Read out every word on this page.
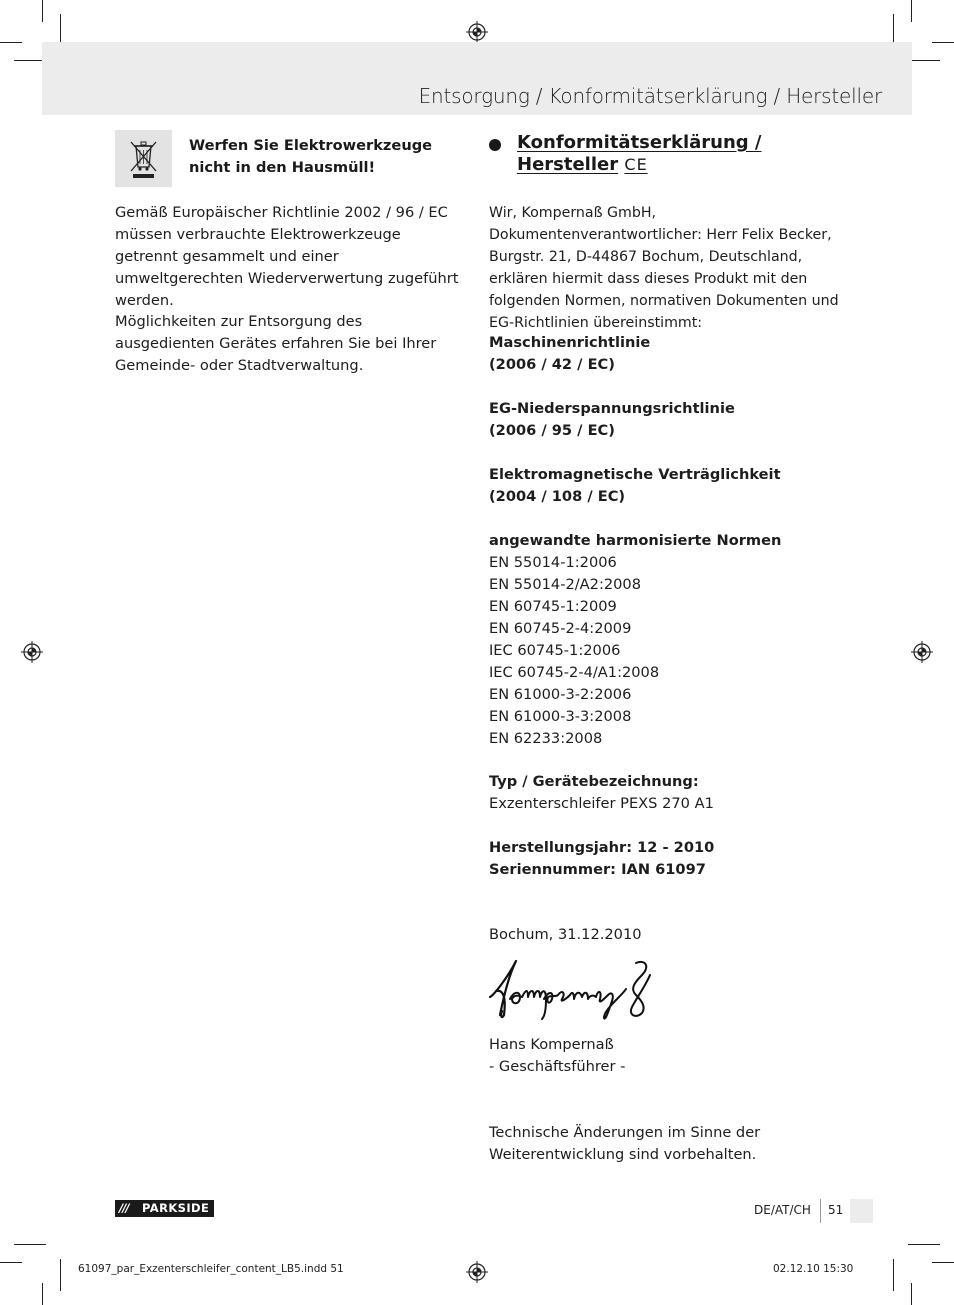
Entsorgung / Konformitätserklärung / Hersteller
Werfen Sie Elektrowerkzeuge nicht in den Hausmüll!
Gemäß Europäischer Richtlinie 2002 / 96 / EC müssen verbrauchte Elektrowerkzeuge getrennt gesammelt und einer umweltgerechten Wiederverwertung zugeführt werden.
Möglichkeiten zur Entsorgung des ausgedienten Gerätes erfahren Sie bei Ihrer Gemeinde- oder Stadtverwaltung.
Konformitätserklärung /
Hersteller CE
Wir, Kompernaß GmbH, Dokumentenverantwortlicher: Herr Felix Becker, Burgstr. 21, D-44867 Bochum, Deutschland, erklären hiermit dass dieses Produkt mit den folgenden Normen, normativen Dokumenten und EG-Richtlinien übereinstimmt:
Maschinenrichtlinie
(2006 / 42 / EC)
EG-Niederspannungsrichtlinie
(2006 / 95 / EC)
Elektromagnetische Verträglichkeit
(2004 / 108 / EC)
angewandte harmonisierte Normen
EN 55014-1:2006
EN 55014-2/A2:2008
EN 60745-1:2009
EN 60745-2-4:2009
IEC 60745-1:2006
IEC 60745-2-4/A1:2008
EN 61000-3-2:2006
EN 61000-3-3:2008
EN 62233:2008
Typ / Gerätebezeichnung:
Exzenterschleifer PEXS 270 A1
Herstellungsjahr: 12 - 2010
Seriennummer: IAN 61097
Bochum, 31.12.2010
Hans Kompernaß
- Geschäftsführer -
Technische Änderungen im Sinne der Weiterentwicklung sind vorbehalten.
/// PARKSIDE	DE/AT/CH 51
61097_par_Exzenterschleifer_content_LB5.indd 51	02.12.10 15:30
